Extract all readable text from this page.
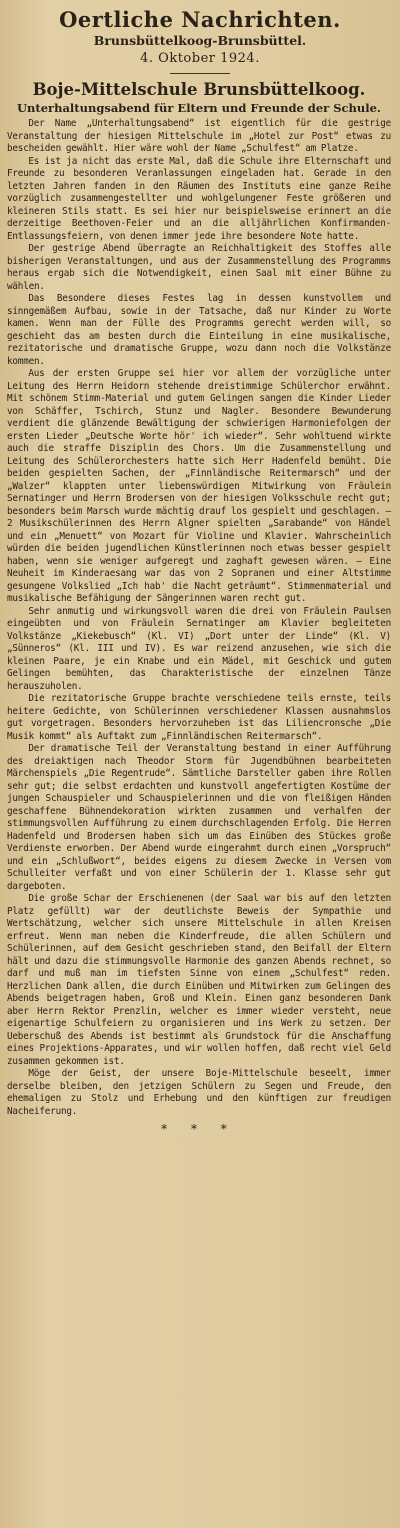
Oertliche Nachrichten.
Brunsbüttelkoog-Brunsbüttel.
4. Oktober 1924.
Boje-Mittelschule Brunsbüttelkoog.
Unterhaltungsabend für Eltern und Freunde der Schule.

Der Name „Unterhaltungsabend“ ist eigentlich für die gestrige Veranstaltung der hiesigen Mittelschule im „Hotel zur Post“ etwas zu bescheiden gewählt. Hier wäre wohl der Name „Schulfest“ am Platze.

Es ist ja nicht das erste Mal, daß die Schule ihre Elternschaft und Freunde zu besonderen Veranlassungen eingeladen hat. Gerade in den letzten Jahren fanden in den Räumen des Instituts eine ganze Reihe vorzüglich zusammengestellter und wohlgelungener Feste größeren und kleineren Stils statt. Es sei hier nur beispielsweise erinnert an die derzeitige Beethoven-Feier und an die alljährlichen Konfirmanden-Entlassungsfeiern, von denen immer jede ihre besondere Note hatte.

Der gestrige Abend überragte an Reichhaltigkeit des Stoffes alle bisherigen Veranstaltungen, und aus der Zusammenstellung des Programms heraus ergab sich die Notwendigkeit, einen Saal mit einer Bühne zu wählen.

Das Besondere dieses Festes lag in dessen kunstvollem und sinngemäßem Aufbau, sowie in der Tatsache, daß nur Kinder zu Worte kamen. Wenn man der Fülle des Programms gerecht werden will, so geschieht das am besten durch die Einteilung in eine musikalische, rezitatorische und dramatische Gruppe, wozu dann noch die Volkstänze kommen.

Aus der ersten Gruppe sei hier vor allem der vorzügliche unter Leitung des Herrn Heidorn stehende dreistimmige Schülerchor erwähnt. Mit schönem Stimm-Material und gutem Gelingen sangen die Kinder Lieder von Schäffer, Tschirch, Stunz und Nagler. Besondere Bewunderung verdient die glänzende Bewältigung der schwierigen Harmoniefolgen der ersten Lieder „Deutsche Worte hör' ich wieder“. Sehr wohltuend wirkte auch die straffe Disziplin des Chors. Um die Zusammenstellung und Leitung des Schülerorchesters hatte sich Herr Hadenfeld bemüht. Die beiden gespielten Sachen, der „Finnländische Reitermarsch“ und der „Walzer“ klappten unter liebenswürdigen Mitwirkung von Fräulein Sernatinger und Herrn Brodersen von der hiesigen Volksschule recht gut; besonders beim Marsch wurde mächtig drauf los gespielt und geschlagen. — 2 Musikschülerinnen des Herrn Algner spielten „Sarabande“ von Händel und ein „Menuett“ von Mozart für Violine und Klavier. Wahrscheinlich würden die beiden jugendlichen Künstlerinnen noch etwas besser gespielt haben, wenn sie weniger aufgeregt und zaghaft gewesen wären. — Eine Neuheit im Kinderaesang war das von 2 Sopranen und einer Altstimme gesungene Volkslied „Ich hab' die Nacht geträumt“. Stimmenmaterial und musikalische Befähigung der Sängerinnen waren recht gut.

Sehr anmutig und wirkungsvoll waren die drei von Fräulein Paulsen eingeübten und von Fräulein Sernatinger am Klavier begleiteten Volkstänze „Kiekebusch“ (Kl. VI) „Dort unter der Linde“ (Kl. V) „Sünneros“ (Kl. III und IV). Es war reizend anzusehen, wie sich die kleinen Paare, je ein Knabe und ein Mädel, mit Geschick und gutem Gelingen bemühten, das Charakteristische der einzelnen Tänze herauszuholen.

Die rezitatorische Gruppe brachte verschiedene teils ernste, teils heitere Gedichte, von Schülerinnen verschiedener Klassen ausnahmslos gut vorgetragen. Besonders hervorzuheben ist das Liliencronsche „Die Musik kommt“ als Auftakt zum „Finnländischen Reitermarsch“.

Der dramatische Teil der Veranstaltung bestand in einer Aufführung des dreiaktigen nach Theodor Storm für Jugendbühnen bearbeiteten Märchenspiels „Die Regentrude“. Sämtliche Darsteller gaben ihre Rollen sehr gut; die selbst erdachten und kunstvoll angefertigten Kostüme der jungen Schauspieler und Schauspielerinnen und die von fleißigen Händen geschaffene Bühnendekoration wirkten zusammen und verhalfen der stimmungsvollen Aufführung zu einem durchschlagenden Erfolg. Die Herren Hadenfeld und Brodersen haben sich um das Einüben des Stückes große Verdienste erworben. Der Abend wurde eingerahmt durch einen „Vorspruch“ und ein „Schlußwort“, beides eigens zu diesem Zwecke in Versen vom Schulleiter verfaßt und von einer Schülerin der 1. Klasse sehr gut dargeboten.

Die große Schar der Erschienenen (der Saal war bis auf den letzten Platz gefüllt) war der deutlichste Beweis der Sympathie und Wertschätzung, welcher sich unsere Mittelschule in allen Kreisen erfreut. Wenn man neben die Kinderfreude, die allen Schülern und Schülerinnen, auf dem Gesicht geschrieben stand, den Beifall der Eltern hält und dazu die stimmungsvolle Harmonie des ganzen Abends rechnet, so darf und muß man im tiefsten Sinne von einem „Schulfest“ reden. Herzlichen Dank allen, die durch Einüben und Mitwirken zum Gelingen des Abends beigetragen haben, Groß und Klein. Einen ganz besonderen Dank aber Herrn Rektor Prenzlin, welcher es immer wieder versteht, neue eigenartige Schulfeiern zu organisieren und ins Werk zu setzen. Der Ueberschuß des Abends ist bestimmt als Grundstock für die Anschaffung eines Projektions-Apparates, und wir wollen hoffen, daß recht viel Geld zusammen gekommen ist.

Möge der Geist, der unsere Boje-Mittelschule beseelt, immer derselbe bleiben, den jetzigen Schülern zu Segen und Freude, den ehemaligen zu Stolz und Erhebung und den künftigen zur freudigen Nacheiferung.

* * *
